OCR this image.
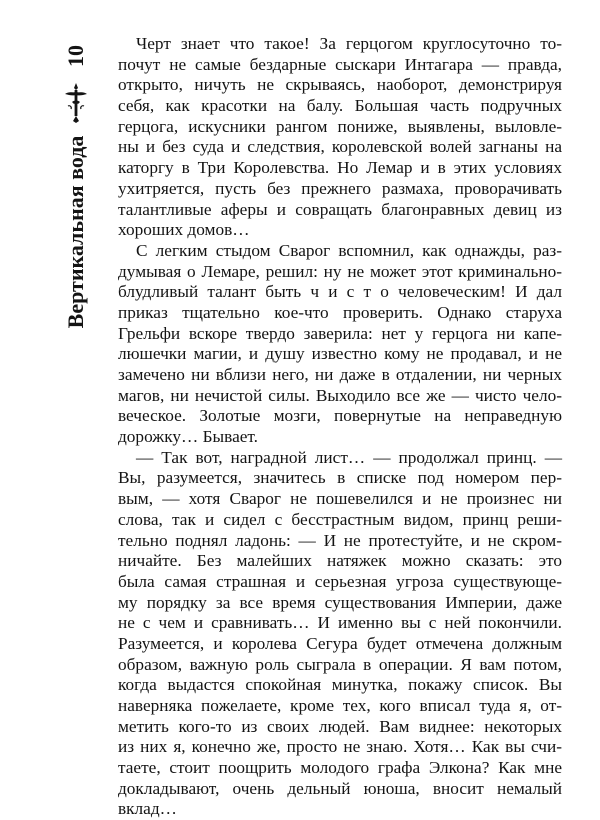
10
Вертикальная вода
Черт знает что такое! За герцогом круглосуточно то-
почут не самые бездарные сыскари Интагара — правда,
открыто, ничуть не скрываясь, наоборот, демонстрируя
себя, как красотки на балу. Большая часть подручных
герцога, искусники рангом пониже, выявлены, выловле-
ны и без суда и следствия, королевской волей загнаны на
каторгу в Три Королевства. Но Лемар и в этих условиях
ухитряется, пусть без прежнего размаха, проворачивать
талантливые аферы и совращать благонравных девиц из
хороших домов…
С легким стыдом Сварог вспомнил, как однажды, раз-
думывая о Лемаре, решил: ну не может этот криминально-
блудливый талант быть ч и с т о человеческим! И дал
приказ тщательно кое-что проверить. Однако старуха
Грельфи вскоре твердо заверила: нет у герцога ни капе-
люшечки магии, и душу известно кому не продавал, и не
замечено ни вблизи него, ни даже в отдалении, ни черных
магов, ни нечистой силы. Выходило все же — чисто чело-
веческое. Золотые мозги, повернутые на неправедную
дорожку… Бывает.
— Так вот, наградной лист… — продолжал принц. —
Вы, разумеется, значитесь в списке под номером пер-
вым, — хотя Сварог не пошевелился и не произнес ни
слова, так и сидел с бесстрастным видом, принц реши-
тельно поднял ладонь: — И не протестуйте, и не скром-
ничайте. Без малейших натяжек можно сказать: это
была самая страшная и серьезная угроза существующе-
му порядку за все время существования Империи, даже
не с чем и сравнивать… И именно вы с ней покончили.
Разумеется, и королева Сегура будет отмечена должным
образом, важную роль сыграла в операции. Я вам потом,
когда выдастся спокойная минутка, покажу список. Вы
наверняка пожелаете, кроме тех, кого вписал туда я, от-
метить кого-то из своих людей. Вам виднее: некоторых
из них я, конечно же, просто не знаю. Хотя… Как вы счи-
таете, стоит поощрить молодого графа Элкона? Как мне
докладывают, очень дельный юноша, вносит немалый
вклад…
